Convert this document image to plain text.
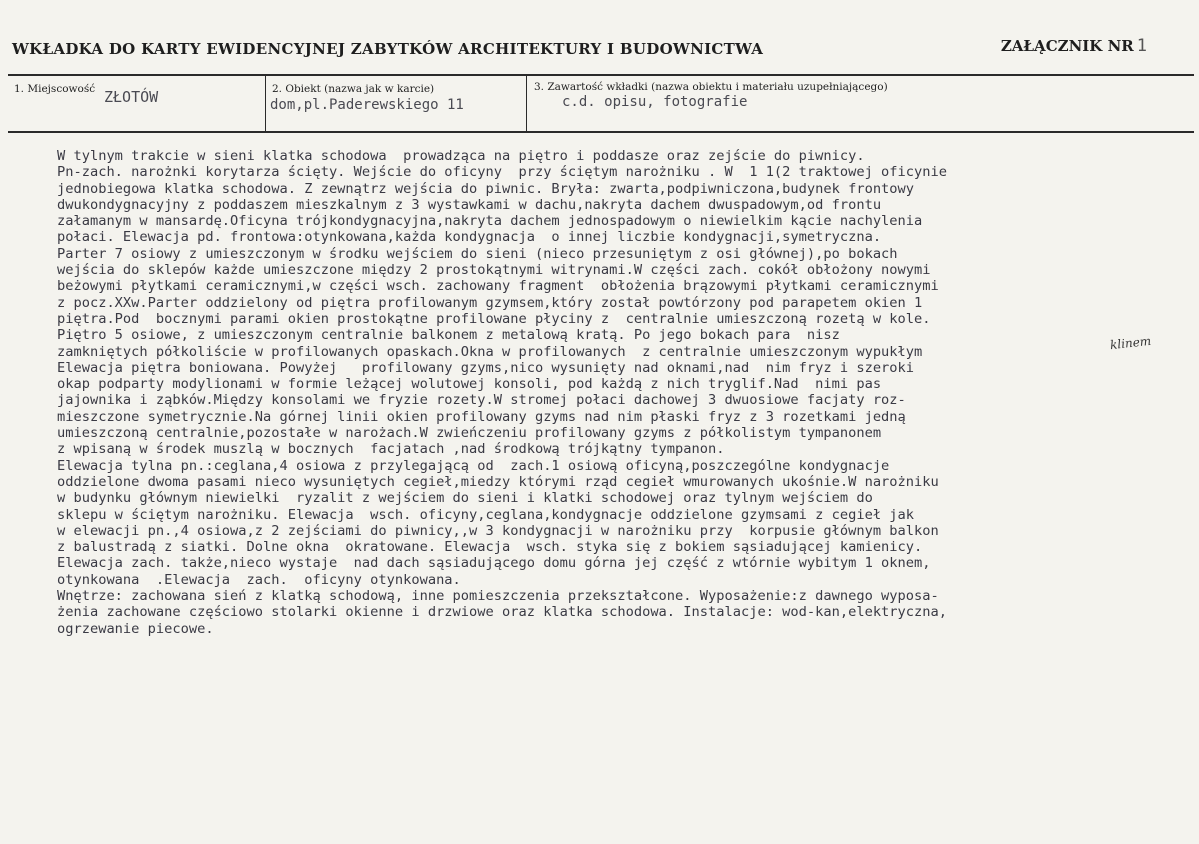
WKŁADKA DO KARTY EWIDENCYJNEJ ZABYTKÓW ARCHITEKTURY I BUDOWNICTWA	ZAŁĄCZNIK NR 1
1. Miejscowość ZŁOTÓW	2. Obiekt (nazwa jak w karcie)
dom,pl.Paderewskiego 11
3. Zawartość wkładki (nazwa obiektu i materiału uzupełniającego)
c.d. opisu, fotografie
W tylnym trakcie w sieni klatka schodowa  prowadząca na piętro i poddasze oraz zejście do piwnicy.
Pn-zach. narożnki korytarza ścięty. Wejście do oficyny  przy ściętym narożniku . W  1 1(2 traktowej oficynie
jednobiegowa klatka schodowa. Z zewnątrz wejścia do piwnic. Bryła: zwarta,podpiwniczona,budynek frontowy
dwukondygnacyjny z poddaszem mieszkalnym z 3 wystawkami w dachu,nakryta dachem dwuspadowym,od frontu
załamanym w mansardę.Oficyna trójkondygnacyjna,nakryta dachem jednospadowym o niewielkim kącie nachylenia
połaci. Elewacja pd. frontowa:otynkowana,każda kondygnacja  o innej liczbie kondygnacji,symetryczna.
Parter 7 osiowy z umieszczonym w środku wejściem do sieni (nieco przesuniętym z osi głównej),po bokach
wejścia do sklepów każde umieszczone między 2 prostokątnymi witrynami.W części zach. cokół obłożony nowymi
beżowymi płytkami ceramicznymi,w części wsch. zachowany fragment  obłożenia brązowymi płytkami ceramicznymi
z pocz.XXw.Parter oddzielony od piętra profilowanym gzymsem,który został powtórzony pod parapetem okien 1
piętra.Pod  bocznymi parami okien prostokątne profilowane płyciny z  centralnie umieszczoną rozetą w kole.
Piętro 5 osiowe, z umieszczonym centralnie balkonem z metalową kratą. Po jego bokach para  nisz
zamkniętych półkoliście w profilowanych opaskach.Okna w profilowanych  z centralnie umieszczonym wypukłym
Elewacja piętra boniowana. Powyżej   profilowany gzyms,nico wysunięty nad oknami,nad  nim fryz i szeroki
okap podparty modylionami w formie leżącej wolutowej konsoli, pod każdą z nich tryglif.Nad  nimi pas
jajownika i ząbków.Między konsolami we fryzie rozety.W stromej połaci dachowej 3 dwuosiowe facjaty roz-
mieszczone symetrycznie.Na górnej linii okien profilowany gzyms nad nim płaski fryz z 3 rozetkami jedną
umieszczoną centralnie,pozostałe w narożach.W zwieńczeniu profilowany gzyms z półkolistym tympanonem
z wpisaną w środek muszlą w bocznych  facjatach ,nad środkową trójkątny tympanon.
Elewacja tylna pn.:ceglana,4 osiowa z przylegającą od  zach.1 osiową oficyną,poszczególne kondygnacje
oddzielone dwoma pasami nieco wysuniętych cegieł,miedzy którymi rząd cegieł wmurowanych ukośnie.W narożniku
w budynku głównym niewielki  ryzalit z wejściem do sieni i klatki schodowej oraz tylnym wejściem do
sklepu w ściętym narożniku. Elewacja  wsch. oficyny,ceglana,kondygnacje oddzielone gzymsami z cegieł jak
w elewacji pn.,4 osiowa,z 2 zejściami do piwnicy,,w 3 kondygnacji w narożniku przy  korpusie głównym balkon
z balustradą z siatki. Dolne okna  okratowane. Elewacja  wsch. styka się z bokiem sąsiadującej kamienicy.
Elewacja zach. także,nieco wystaje  nad dach sąsiadującego domu górna jej część z wtórnie wybitym 1 oknem,
otynkowana  .Elewacja  zach.  oficyny otynkowana.
Wnętrze: zachowana sień z klatką schodową, inne pomieszczenia przekształcone. Wyposażenie:z dawnego wyposa-
żenia zachowane częściowo stolarki okienne i drzwiowe oraz klatka schodowa. Instalacje: wod-kan,elektryczna,
ogrzewanie piecowe.
klinem
